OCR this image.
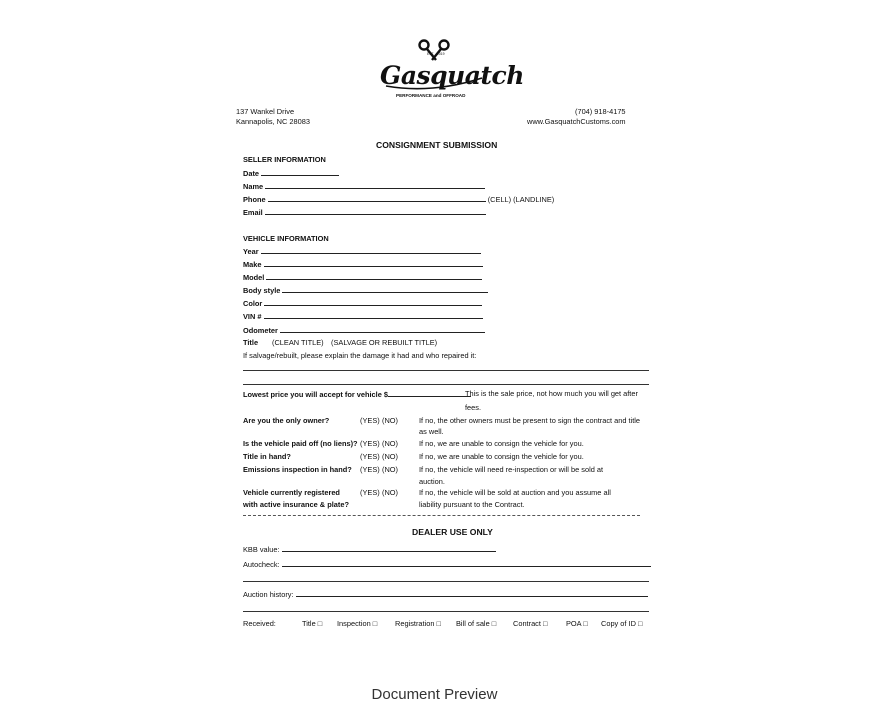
EST. 2019
Gasquatch
PERFORMANCE and OFFROAD
137 Wankel Drive
Kannapolis, NC 28083
(704) 918-4175
www.GasquatchCustoms.com
CONSIGNMENT SUBMISSION
SELLER INFORMATION
Date
Name
Phone	(CELL) (LANDLINE)
Email
VEHICLE INFORMATION
Year
Make
Model
Body style
Color
VIN #
Odometer
Title (CLEAN TITLE) (SALVAGE OR REBUILT TITLE)
If salvage/rebuilt, please explain the damage it had and who repaired it:
Lowest price you will accept for vehicle $	This is the sale price, not how much you will get after
fees.
Are you the only owner?	(YES) (NO)	If no, the other owners must be present to sign the contract and title
as well.
Is the vehicle paid off (no liens)? (YES) (NO)	If no, we are unable to consign the vehicle for you.
Title in hand?	(YES) (NO)	If no, we are unable to consign the vehicle for you.
Emissions inspection in hand? (YES) (NO)	If no, the vehicle will need re-inspection or will be sold at
auction.
Vehicle currently registered
with active insurance & plate?
(YES) (NO)	If no, the vehicle will be sold at auction and you assume all
liability pursuant to the Contract.
DEALER USE ONLY
KBB value:
Autocheck:
Auction history:
Received:	Title □ Inspection □ Registration □ Bill of sale □ Contract □	POA □ Copy of ID □
Document Preview
